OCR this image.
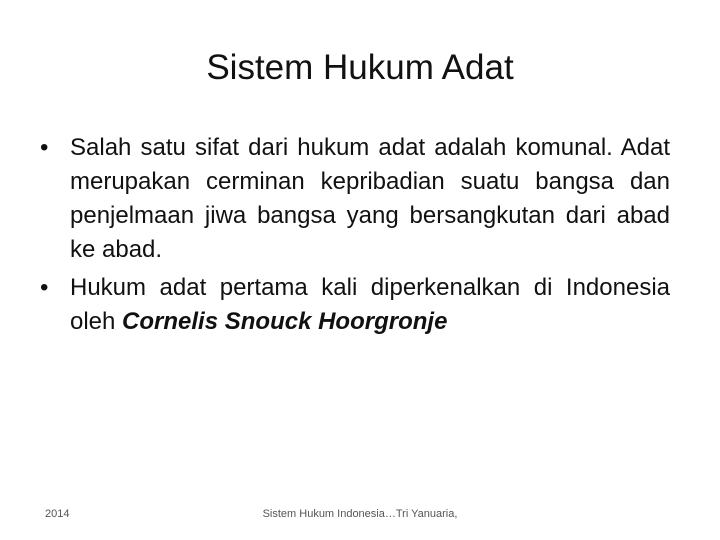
Sistem Hukum Adat

• Salah satu sifat dari hukum adat adalah komunal. Adat merupakan cerminan kepribadian suatu bangsa dan penjelmaan jiwa bangsa yang bersangkutan dari abad ke abad.

• Hukum adat pertama kali diperkenalkan di Indonesia oleh Cornelis Snouck Hoorgronje

Sistem Hukum Indonesia…Tri Yanuaria,
2014
